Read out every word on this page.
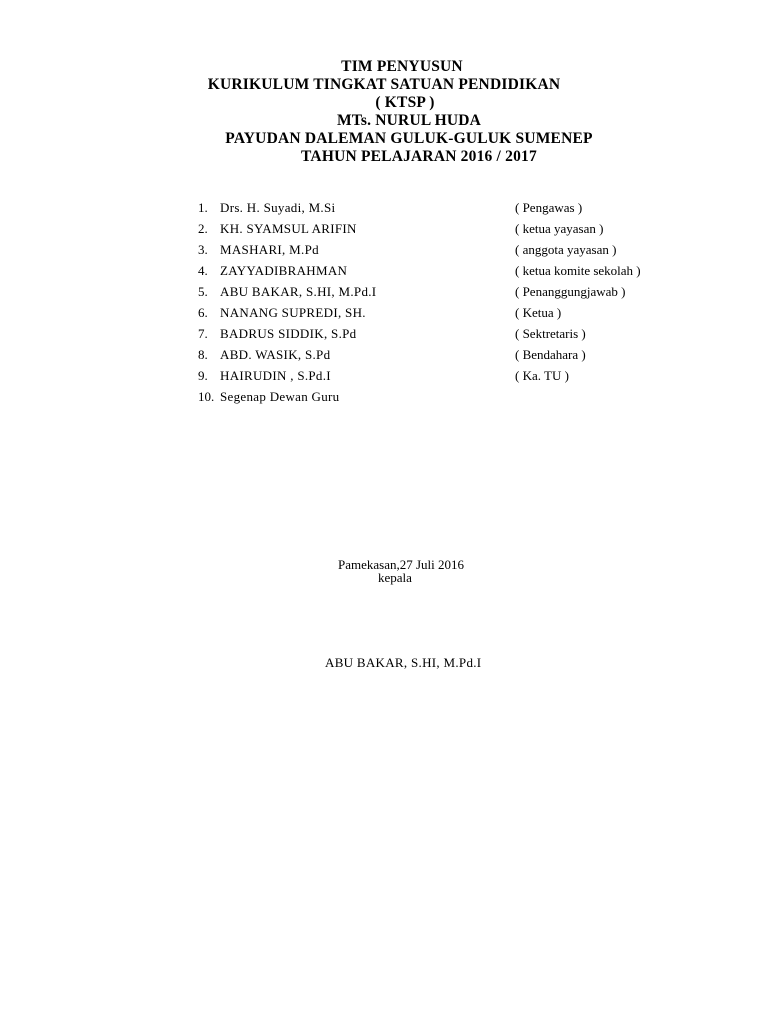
TIM PENYUSUN
KURIKULUM TINGKAT SATUAN PENDIDIKAN
( KTSP )
MTs. NURUL HUDA
PAYUDAN DALEMAN GULUK-GULUK SUMENEP
TAHUN PELAJARAN 2016 / 2017
1. Drs. H. Suyadi, M.Si	( Pengawas )
2. KH. SYAMSUL ARIFIN	( ketua yayasan )
3. MASHARI, M.Pd	( anggota yayasan )
4. ZAYYADIBRAHMAN	( ketua komite sekolah )
5. ABU BAKAR, S.HI, M.Pd.I	( Penanggungjawab )
6. NANANG SUPREDI, SH.	( Ketua )
7. BADRUS SIDDIK, S.Pd	( Sektretaris )
8. ABD. WASIK, S.Pd	( Bendahara )
9. HAIRUDIN , S.Pd.I	( Ka. TU )
10. Segenap Dewan Guru
Pamekasan,27 Juli 2016
kepala
ABU BAKAR, S.HI, M.Pd.I
